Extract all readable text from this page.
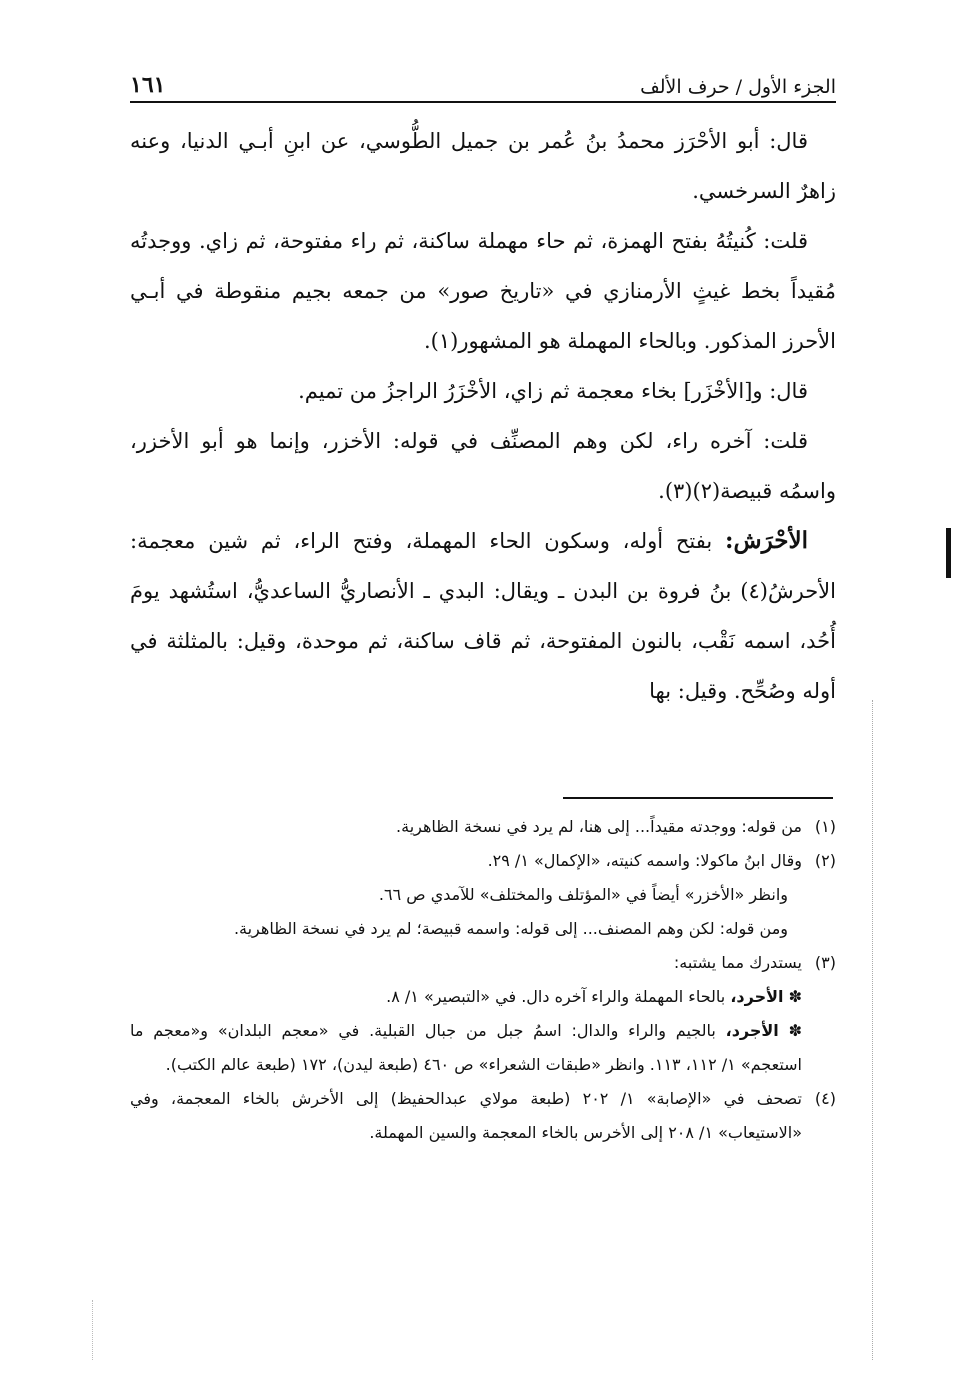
الجزء الأول / حرف الألف
١٦١

قال: أبو الأحْرَز محمدُ بنُ عُمر بن جميل الطُّوسي، عن ابنِ أبـي الدنيا، وعنه زاهرٌ السرخسي.

قلت: كُنيتُهُ بفتح الهمزة، ثم حاء مهملة ساكنة، ثم راء مفتوحة، ثم زاي. ووجدتُه مُقيداً بخط غيثٍ الأرمنازي في «تاريخ صور» من جمعه بجيم منقوطة في أبـي الأحرز المذكور. وبالحاء المهملة هو المشهور(١).

قال: و[الأخْزَر] بخاء معجمة ثم زاي، الأخْزَرُ الراجزُ من تميم.

قلت: آخره راء، لكن وهم المصنِّف في قوله: الأخزر، وإنما هو أبو الأخزر، واسمُه قبيصة(٢)(٣).

الأحْرَش: بفتح أوله، وسكون الحاء المهملة، وفتح الراء، ثم شين معجمة: الأحرشُ(٤) بنُ فروة بن البدن ـ ويقال: البدي ـ الأنصاريُّ الساعديُّ، استُشهد يومَ أُحُد، اسمه نَقْب، بالنون المفتوحة، ثم قاف ساكنة، ثم موحدة، وقيل: بالمثلثة في أوله وصُحِّح. وقيل: بها

(١)
من قوله: ووجدته مقيداً... إلى هنا، لم يرد في نسخة الظاهرية.

(٢)
وقال ابنُ ماكولا: واسمه كنيته، «الإكمال» ١/ ٢٩.

وانظر «الأخزر» أيضاً في «المؤتلف والمختلف» للآمدي ص ٦٦.

ومن قوله: لكن وهم المصنف... إلى قوله: واسمه قبيصة؛ لم يرد في نسخة الظاهرية.

(٣)
يستدرك مما يشتبه:

✽ الأحرد، بالحاء المهملة والراء آخره دال. في «التبصير» ١/ ٨.

✽ الأجرد، بالجيم والراء والدال: اسمُ جبل من جبال القبلية. في «معجم البلدان» و«معجم ما استعجم» ١/ ١١٢، ١١٣. وانظر «طبقات الشعراء» ص ٤٦٠ (طبعة ليدن)، ١٧٢ (طبعة عالم الكتب).

(٤)
تصحف في «الإصابة» ١/ ٢٠٢ (طبعة مولاي عبدالحفيظ) إلى الأخرش بالخاء المعجمة، وفي «الاستيعاب» ١/ ٢٠٨ إلى الأخرس بالخاء المعجمة والسين المهملة.
